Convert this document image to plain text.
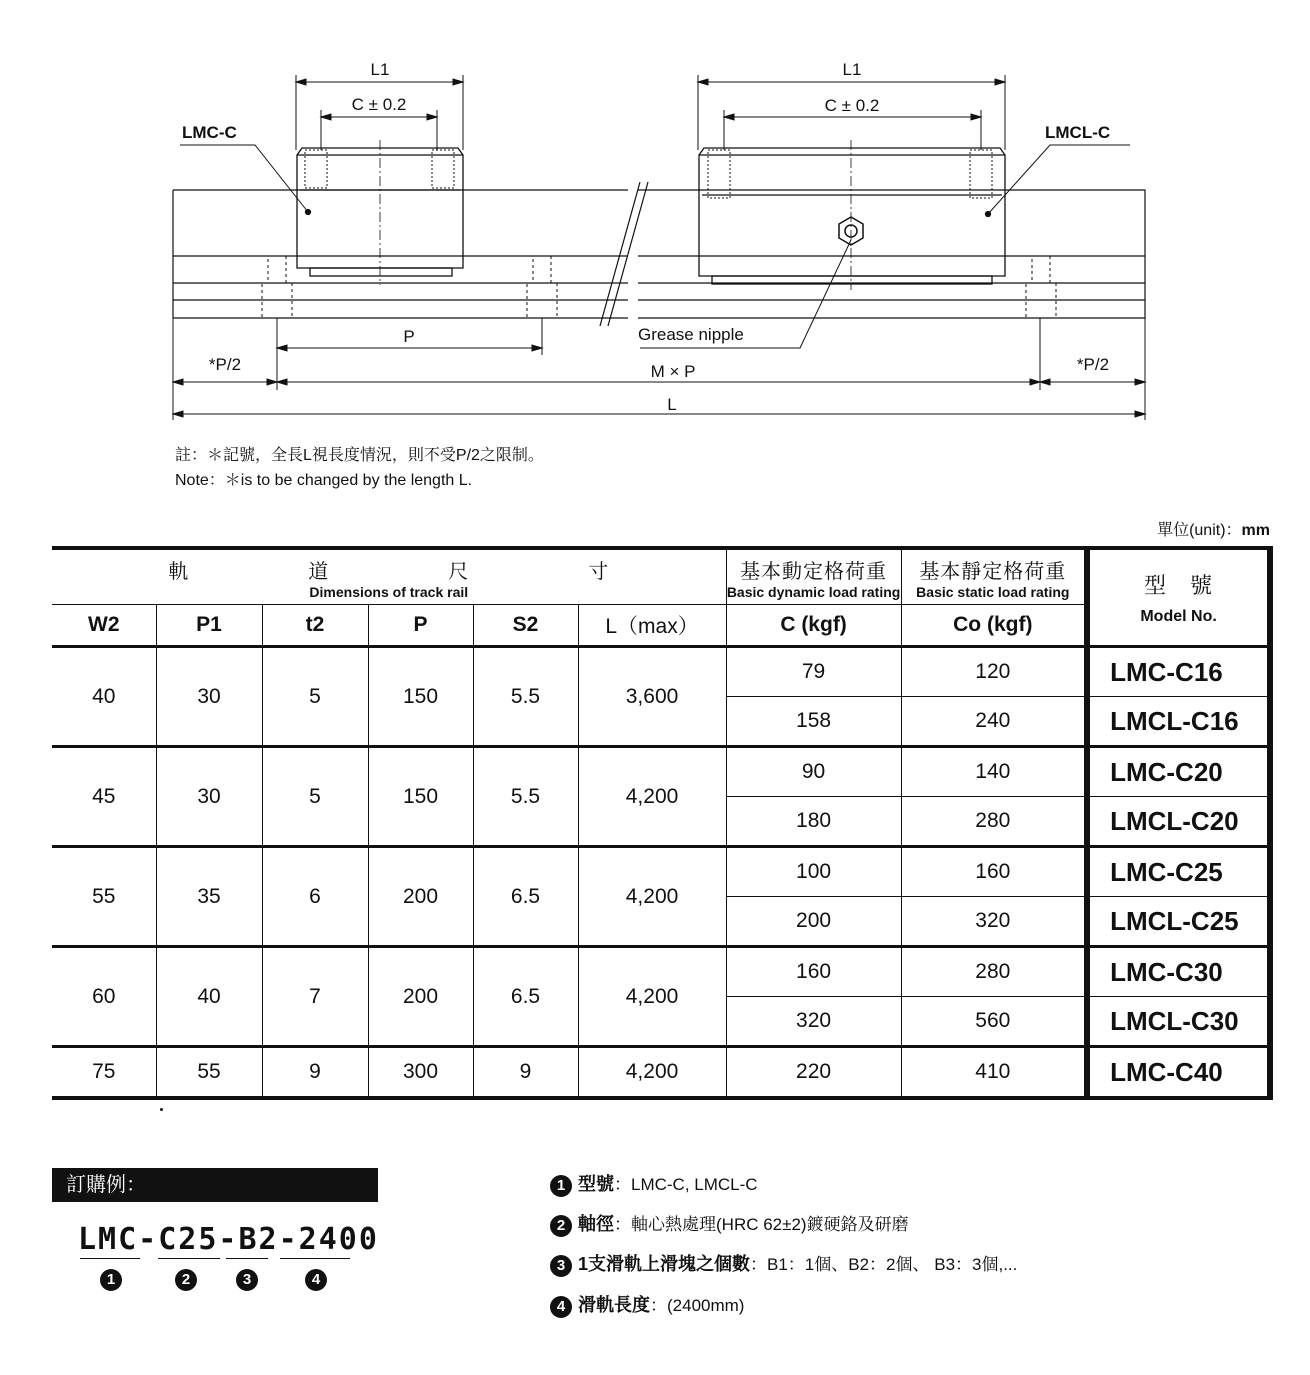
L1
C ± 0.2
L1
C ± 0.2
LMC-C	LMCL-C
P	Grease nipple
*P/2	M × P	*P/2
L
註：＊記號，全長L視長度情況，則不受P/2之限制。
Note：＊is to be changed by the length L.
單位(unit)：mm
軌 道 尺 寸
Dimensions of track rail						基本動定格荷重
Basic dynamic load rating	基本靜定格荷重
Basic static load rating	型　號
Model No.

W2	P1	t2	P	S2	L（max）	C (kgf)	Co (kgf)	
40	30	5	150	5.5	3,600	79	120	LMC-C16
						158	240	LMCL-C16
45	30	5	150	5.5	4,200	90	140	LMC-C20
						180	280	LMCL-C20
55	35	6	200	6.5	4,200	100	160	LMC-C25
						200	320	LMCL-C25
60	40	7	200	6.5	4,200	160	280	LMC-C30
						320	560	LMCL-C30
75	55	9	300	9	4,200	220	410	LMC-C40
訂購例：
LMC-C25-B2-2400
1	2	3	4
1 型號：LMC-C, LMCL-C
2 軸徑：軸心熱處理(HRC 62±2)鍍硬鉻及研磨
3 1支滑軌上滑塊之個數：B1：1個、B2：2個、 B3：3個,...
4 滑軌長度：(2400mm)
